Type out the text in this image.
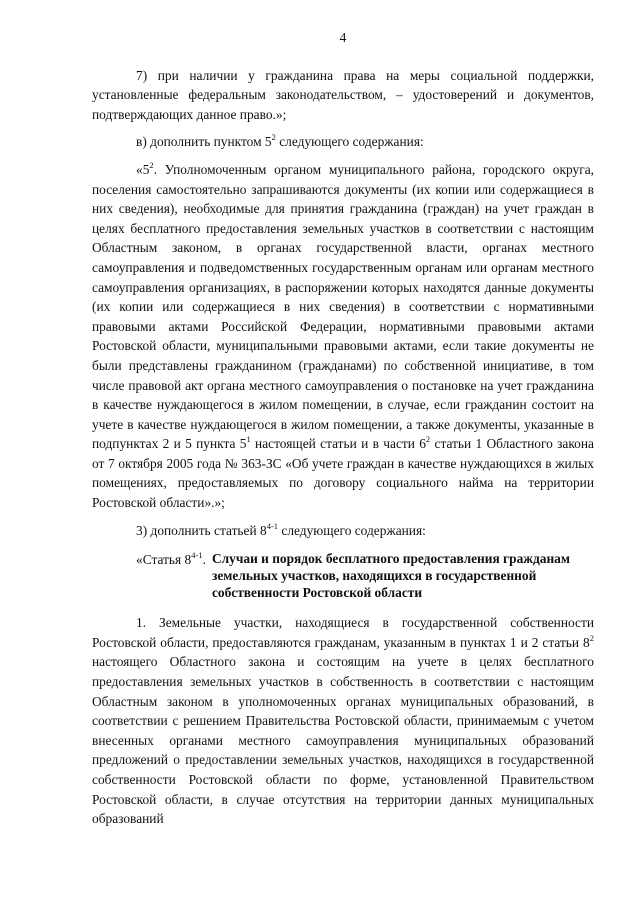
4

7) при наличии у гражданина права на меры социальной поддержки, установленные федеральным законодательством, – удостоверений и документов, подтверждающих данное право.»;

в) дополнить пунктом $5^2$ следующего содержания:

«$5^2$. Уполномоченным органом муниципального района, городского округа, поселения самостоятельно запрашиваются документы (их копии или содержащиеся в них сведения), необходимые для принятия гражданина (граждан) на учет граждан в целях бесплатного предоставления земельных участков в соответствии с настоящим Областным законом, в органах государственной власти, органах местного самоуправления и подведомственных государственным органам или органам местного самоуправления организациях, в распоряжении которых находятся данные документы (их копии или содержащиеся в них сведения) в соответствии с нормативными правовыми актами Российской Федерации, нормативными правовыми актами Ростовской области, муниципальными правовыми актами, если такие документы не были представлены гражданином (гражданами) по собственной инициативе, в том числе правовой акт органа местного самоуправления о постановке на учет гражданина в качестве нуждающегося в жилом помещении, в случае, если гражданин состоит на учете в качестве нуждающегося в жилом помещении, а также документы, указанные в подпунктах 2 и 5 пункта $5^1$ настоящей статьи и в части $6^2$ статьи 1 Областного закона от 7 октября 2005 года № 363-ЗС «Об учете граждан в качестве нуждающихся в жилых помещениях, предоставляемых по договору социального найма на территории Ростовской области».»;

3) дополнить статьей 8$^{4-1}$ следующего содержания:

«Статья 8$^{4-1}$. Случаи и порядок бесплатного предоставления гражданам земельных участков, находящихся в государственной собственности Ростовской области

1. Земельные участки, находящиеся в государственной собственности Ростовской области, предоставляются гражданам, указанным в пунктах 1 и 2 статьи $8^2$ настоящего Областного закона и состоящим на учете в целях бесплатного предоставления земельных участков в собственность в соответствии с настоящим Областным законом в уполномоченных органах муниципальных образований, в соответствии с решением Правительства Ростовской области, принимаемым с учетом внесенных органами местного самоуправления муниципальных образований предложений о предоставлении земельных участков, находящихся в государственной собственности Ростовской области по форме, установленной Правительством Ростовской области, в случае отсутствия на территории данных муниципальных образований
